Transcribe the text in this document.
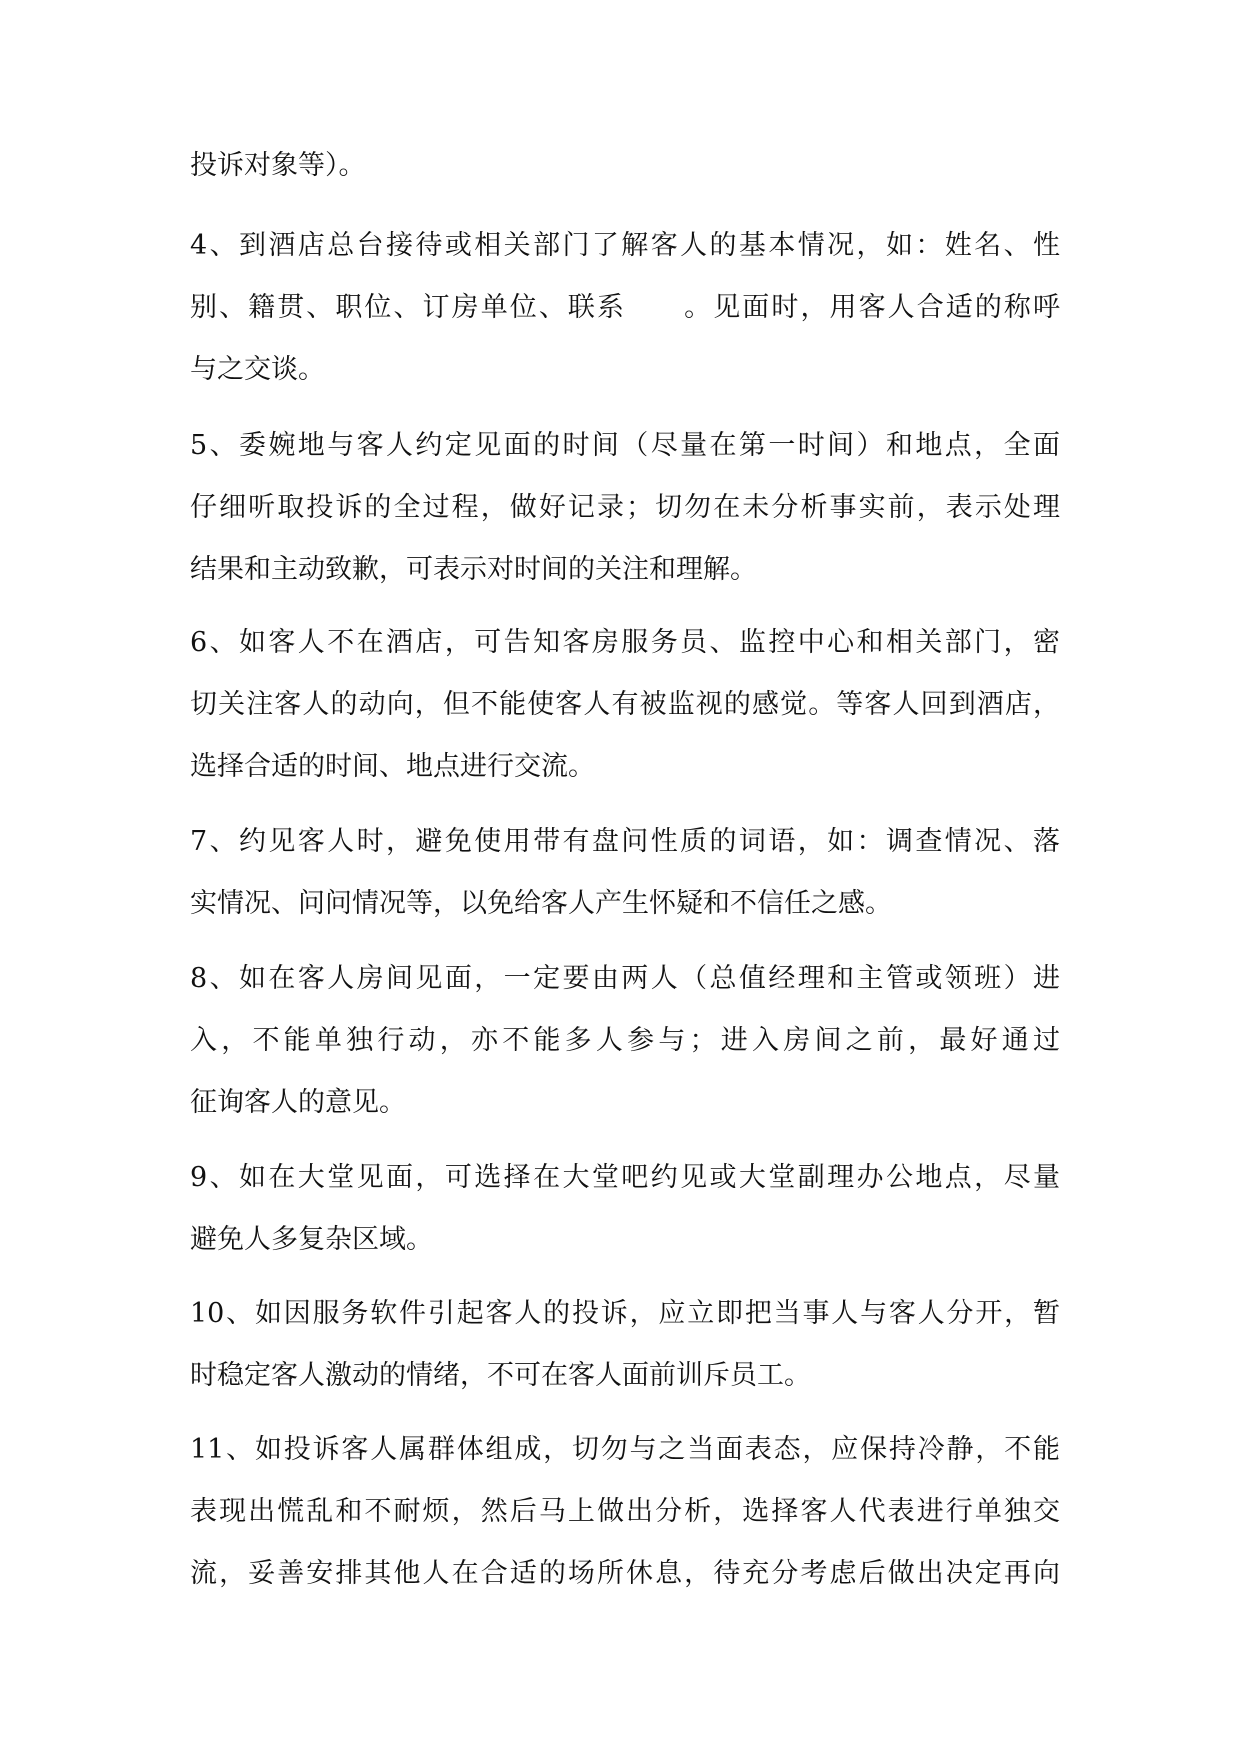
投诉对象等）。
4、到酒店总台接待或相关部门了解客人的基本情况，如：姓名、性
别、籍贯、职位、订房单位、联系　　。见面时，用客人合适的称呼
与之交谈。
5、委婉地与客人约定见面的时间（尽量在第一时间）和地点，全面
仔细听取投诉的全过程，做好记录；切勿在未分析事实前，表示处理
结果和主动致歉，可表示对时间的关注和理解。
6、如客人不在酒店，可告知客房服务员、监控中心和相关部门，密
切关注客人的动向，但不能使客人有被监视的感觉。等客人回到酒店，
选择合适的时间、地点进行交流。
7、约见客人时，避免使用带有盘问性质的词语，如：调查情况、落
实情况、问问情况等，以免给客人产生怀疑和不信任之感。
8、如在客人房间见面，一定要由两人（总值经理和主管或领班）进
入，不能单独行动，亦不能多人参与；进入房间之前，最好通过
征询客人的意见。
9、如在大堂见面，可选择在大堂吧约见或大堂副理办公地点，尽量
避免人多复杂区域。
10、如因服务软件引起客人的投诉，应立即把当事人与客人分开，暂
时稳定客人激动的情绪，不可在客人面前训斥员工。
11、如投诉客人属群体组成，切勿与之当面表态，应保持冷静，不能
表现出慌乱和不耐烦，然后马上做出分析，选择客人代表进行单独交
流，妥善安排其他人在合适的场所休息，待充分考虑后做出决定再向
